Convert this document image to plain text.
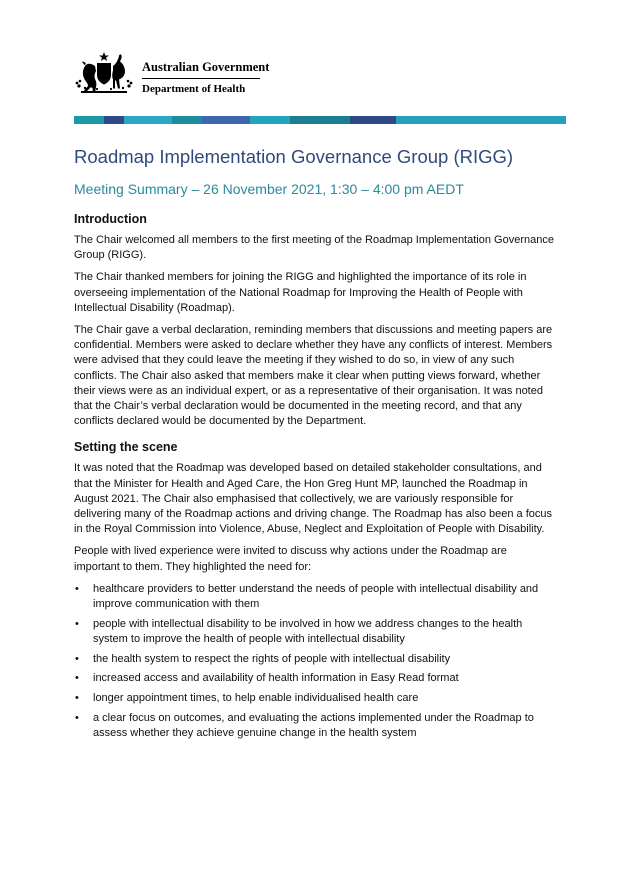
Australian Government
Department of Health
Roadmap Implementation Governance Group (RIGG)
Meeting Summary – 26 November 2021, 1:30 – 4:00 pm AEDT
Introduction

The Chair welcomed all members to the first meeting of the Roadmap Implementation Governance Group (RIGG).

The Chair thanked members for joining the RIGG and highlighted the importance of its role in overseeing implementation of the National Roadmap for Improving the Health of People with Intellectual Disability (Roadmap).

The Chair gave a verbal declaration, reminding members that discussions and meeting papers are confidential. Members were asked to declare whether they have any conflicts of interest. Members were advised that they could leave the meeting if they wished to do so, in view of any such conflicts. The Chair also asked that members make it clear when putting views forward, whether their views were as an individual expert, or as a representative of their organisation. It was noted that the Chair’s verbal declaration would be documented in the meeting record, and that any conflicts declared would be documented by the Department.

Setting the scene

It was noted that the Roadmap was developed based on detailed stakeholder consultations, and that the Minister for Health and Aged Care, the Hon Greg Hunt MP, launched the Roadmap in August 2021. The Chair also emphasised that collectively, we are variously responsible for delivering many of the Roadmap actions and driving change. The Roadmap has also been a focus in the Royal Commission into Violence, Abuse, Neglect and Exploitation of People with Disability.

People with lived experience were invited to discuss why actions under the Roadmap are important to them. They highlighted the need for:

• healthcare providers to better understand the needs of people with intellectual disability and improve communication with them
• people with intellectual disability to be involved in how we address changes to the health system to improve the health of people with intellectual disability
• the health system to respect the rights of people with intellectual disability
• increased access and availability of health information in Easy Read format
• longer appointment times, to help enable individualised health care
• a clear focus on outcomes, and evaluating the actions implemented under the Roadmap to assess whether they achieve genuine change in the health system
